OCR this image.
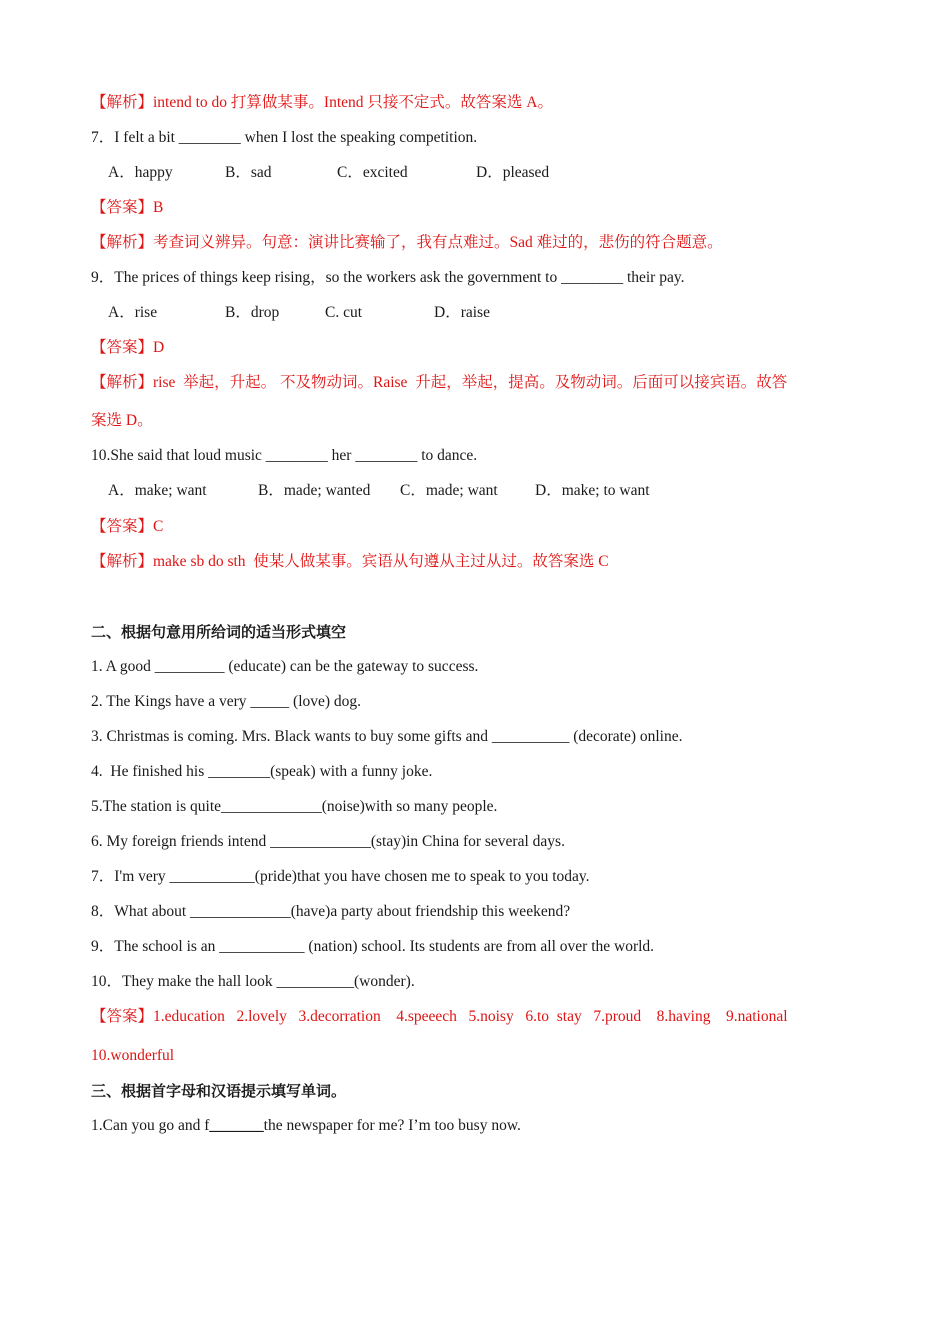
【解析】intend to do 打算做某事。Intend 只接不定式。故答案选 A。
7．I felt a bit ________ when I lost the speaking competition.

A．happy

	B．sad

	C．excited

	D．pleased

【答案】B
【解析】考查词义辨异。句意：演讲比赛输了，我有点难过。Sad 难过的，悲伤的符合题意。
9．The prices of things keep rising，so the workers ask the government to ________ their pay.

A．rise

	B．drop

	C. cut

	D．raise

【答案】D
【解析】rise  举起，升起。 不及物动词。Raise  升起，举起，提高。及物动词。后面可以接宾语。故答
案选 D。
10.She said that loud music ________ her ________ to dance.

A．make; want

	B．made; wanted

C．made; want

D．make; to want

【答案】C
【解析】make sb do sth  使某人做某事。宾语从句遵从主过从过。故答案选 C
二、根据句意用所给词的适当形式填空
1. A good _________ (educate) can be the gateway to success.
2. The Kings have a very _____ (love) dog.
3. Christmas is coming. Mrs. Black wants to buy some gifts and __________ (decorate) online.
4.  He finished his ________(speak) with a funny joke.
5.The station is quite_____________(noise)with so many people.
6. My foreign friends intend _____________(stay)in China for several days.
7．I'm very ___________(pride)that you have chosen me to speak to you today.
8．What about _____________(have)a party about friendship this weekend?
9．The school is an ___________ (nation) school. Its students are from all over the world.
10．They make the hall look __________(wonder).
【答案】1.education   2.lovely   3.decorration    4.speeech   5.noisy   6.to  stay   7.proud    8.having    9.national
10.wonderful
三、根据首字母和汉语提示填写单词。
1.Can you go and f_______the newspaper for me? I’m too busy now.
